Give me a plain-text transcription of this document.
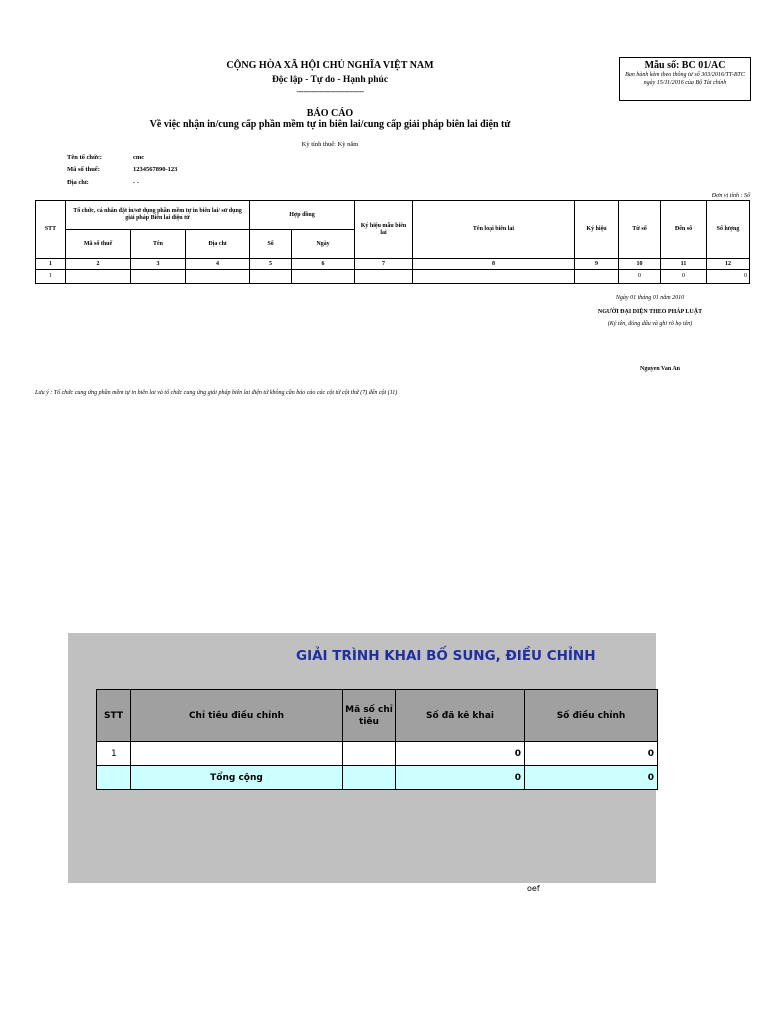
CỘNG HÒA XÃ HỘI CHỦ NGHĨA VIỆT NAM
Độc lập - Tự do - Hạnh phúc
-------------------------------
Mẫu số: BC 01/AC
Ban hành kèm theo thông tư số 303/2016/TT-BTC ngày 15/11/2016 của Bộ Tài chính
BÁO CÁO
Về việc nhận in/cung cấp phần mềm tự in biên lai/cung cấp giải pháp biên lai điện tử
Kỳ tính thuế: Kỳ năm
Tên tổ chức:	cmc
Mã số thuế:	1234567890-123
Địa chỉ:	- -
Đơn vị tính : Số
STT	Tổ chức, cá nhân đặt in/sử dụng phần mềm tự in biên lai/ sử dụng giải pháp Biên lai điện tử			Hợp đồng		Ký hiệu mẫu biên lai	Tên loại biên lai	Ký hiệu	Từ số	Đến số	Số lượng
	Mã số thuế	Tên	Địa chỉ	Số	Ngày						
1	2	3	4	5	6	7	8	9	10	11	12
1									0	0	0
Ngày 01 tháng 01 năm 2010
NGƯỜI ĐẠI DIỆN THEO PHÁP LUẬT
(Ký tên, đóng dấu và ghi rõ họ tên)
Nguyen Van An
Lưu ý : Tổ chức cung ứng phần mềm tự in biên lai và tổ chức cung ứng giải pháp biên lai điện tử không cần báo cáo các cột từ cột thứ (7) đến cột (11)
GIẢI TRÌNH KHAI BỐ SUNG, ĐIỀU CHỈNH
STT	Chỉ tiêu điều chỉnh	Mã số chỉ tiêu	Số đã kê khai	Số điều chỉnh
1			0	0
	Tổng cộng		0	0
oef
